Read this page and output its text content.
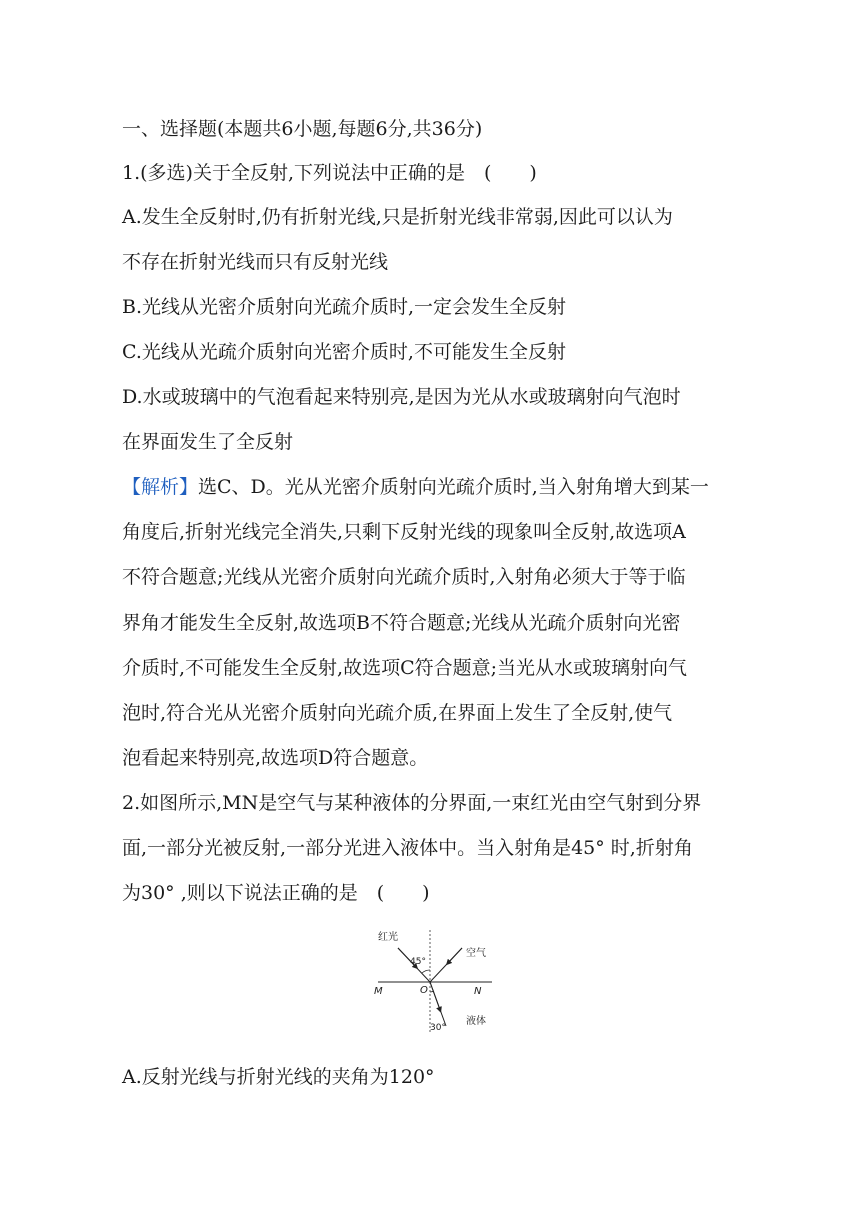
一、选择题(本题共6小题,每题6分,共36分)
1.(多选)关于全反射,下列说法中正确的是　(　　)
A.发生全反射时,仍有折射光线,只是折射光线非常弱,因此可以认为
不存在折射光线而只有反射光线
B.光线从光密介质射向光疏介质时,一定会发生全反射
C.光线从光疏介质射向光密介质时,不可能发生全反射
D.水或玻璃中的气泡看起来特别亮,是因为光从水或玻璃射向气泡时
在界面发生了全反射
【解析】选C、D。光从光密介质射向光疏介质时,当入射角增大到某一
角度后,折射光线完全消失,只剩下反射光线的现象叫全反射,故选项A
不符合题意;光线从光密介质射向光疏介质时,入射角必须大于等于临
界角才能发生全反射,故选项B不符合题意;光线从光疏介质射向光密
介质时,不可能发生全反射,故选项C符合题意;当光从水或玻璃射向气
泡时,符合光从光密介质射向光疏介质,在界面上发生了全反射,使气
泡看起来特别亮,故选项D符合题意。
2.如图所示,MN是空气与某种液体的分界面,一束红光由空气射到分界
面,一部分光被反射,一部分光进入液体中。当入射角是45° 时,折射角
为30° ,则以下说法正确的是　(　　)
红光
空气
45°
M	O	N
30°
液体
A.反射光线与折射光线的夹角为120°
